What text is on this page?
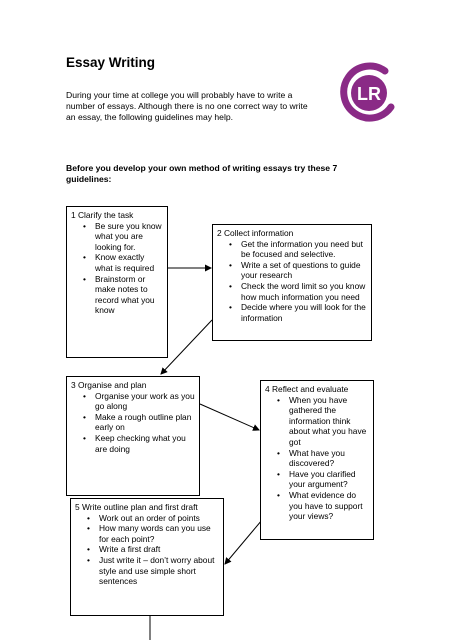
Essay Writing

During your time at college you will probably have to write a number of essays. Although there is no one correct way to write an essay, the following guidelines may help.

Before you develop your own method of writing essays try these 7 guidelines:

LR
1 Clarify the task
• Be sure you know what you are looking for.
• Know exactly what is required
• Brainstorm or make notes to record what you know
2 Collect information
• Get the information you need but be focused and selective.
• Write a set of questions to guide your research
• Check the word limit so you know how much information you need
• Decide where you will look for the information
3 Organise and plan
• Organise your work as you go along
• Make a rough outline plan early on
• Keep checking what you are doing
4 Reflect and evaluate
• When you have gathered the information think about what you have got
• What have you discovered?
• Have you clarified your argument?
• What evidence do you have to support your views?
5 Write outline plan and first draft
• Work out an order of points
• How many words can you use for each point?
• Write a first draft
• Just write it – don’t worry about style and use simple short sentences
